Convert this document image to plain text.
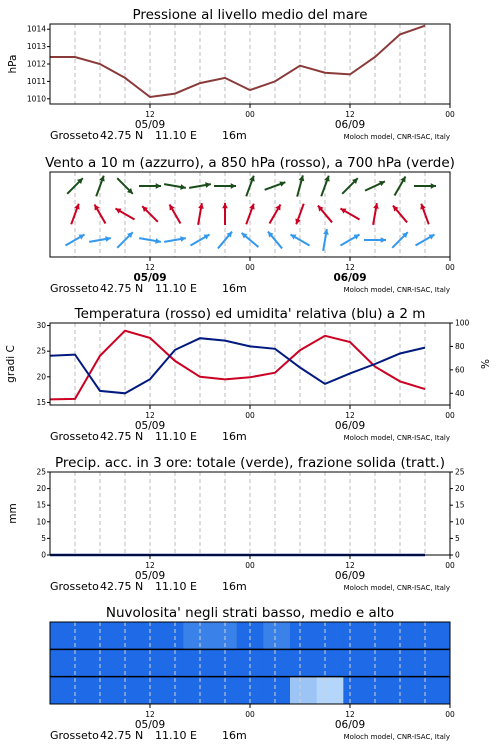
Pressione al livello medio del mare
1010
1011
1012
1013
1014
hPa
12	00	12	00
05/09	06/09
Grosseto 42.75 N 11.10 E 16m	Moloch model, CNR-ISAC, Italy
Vento a 10 m (azzurro), a 850 hPa (rosso), a 700 hPa (verde)
12	00	12	00
05/09	06/09
Grosseto 42.75 N 11.10 E 16m	Moloch model, CNR-ISAC, Italy
Temperatura (rosso) ed umidita' relativa (blu) a 2 m
15
20
25
30
40
60
80
100
gradi C	%
12	00	12	00
05/09	06/09
Grosseto 42.75 N 11.10 E 16m	Moloch model, CNR-ISAC, Italy
Precip. acc. in 3 ore: totale (verde), frazione solida (tratt.)
0
5
10
15
20
25
0
5
10
15
20
25
mm
12	00	12	00
05/09	06/09
Grosseto 42.75 N 11.10 E 16m	Moloch model, CNR-ISAC, Italy
Nuvolosita' negli strati basso, medio e alto
12	00	12	00
05/09	06/09
Grosseto 42.75 N 11.10 E 16m	Moloch model, CNR-ISAC, Italy
